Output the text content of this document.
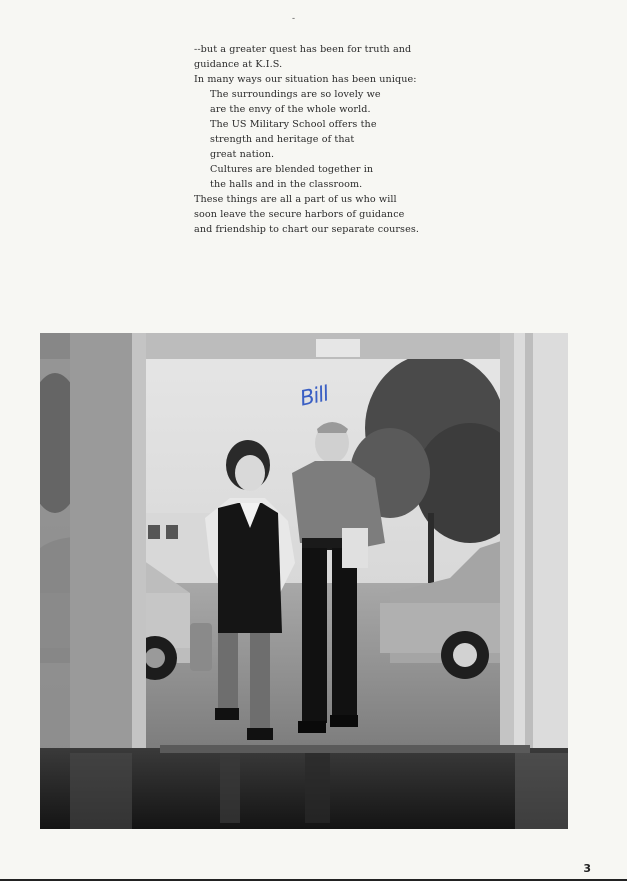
-

--but a greater quest has been for truth and
guidance at K.I.S.
In many ways our situation has been unique:

The surroundings are so lovely we
are the envy of the whole world.

The US Military School offers the
strength and heritage of that
great nation.

Cultures are blended together in
the halls and in the classroom.

These things are all a part of us who will
soon leave the secure harbors of guidance
and friendship to chart our separate courses.

Bill
3
